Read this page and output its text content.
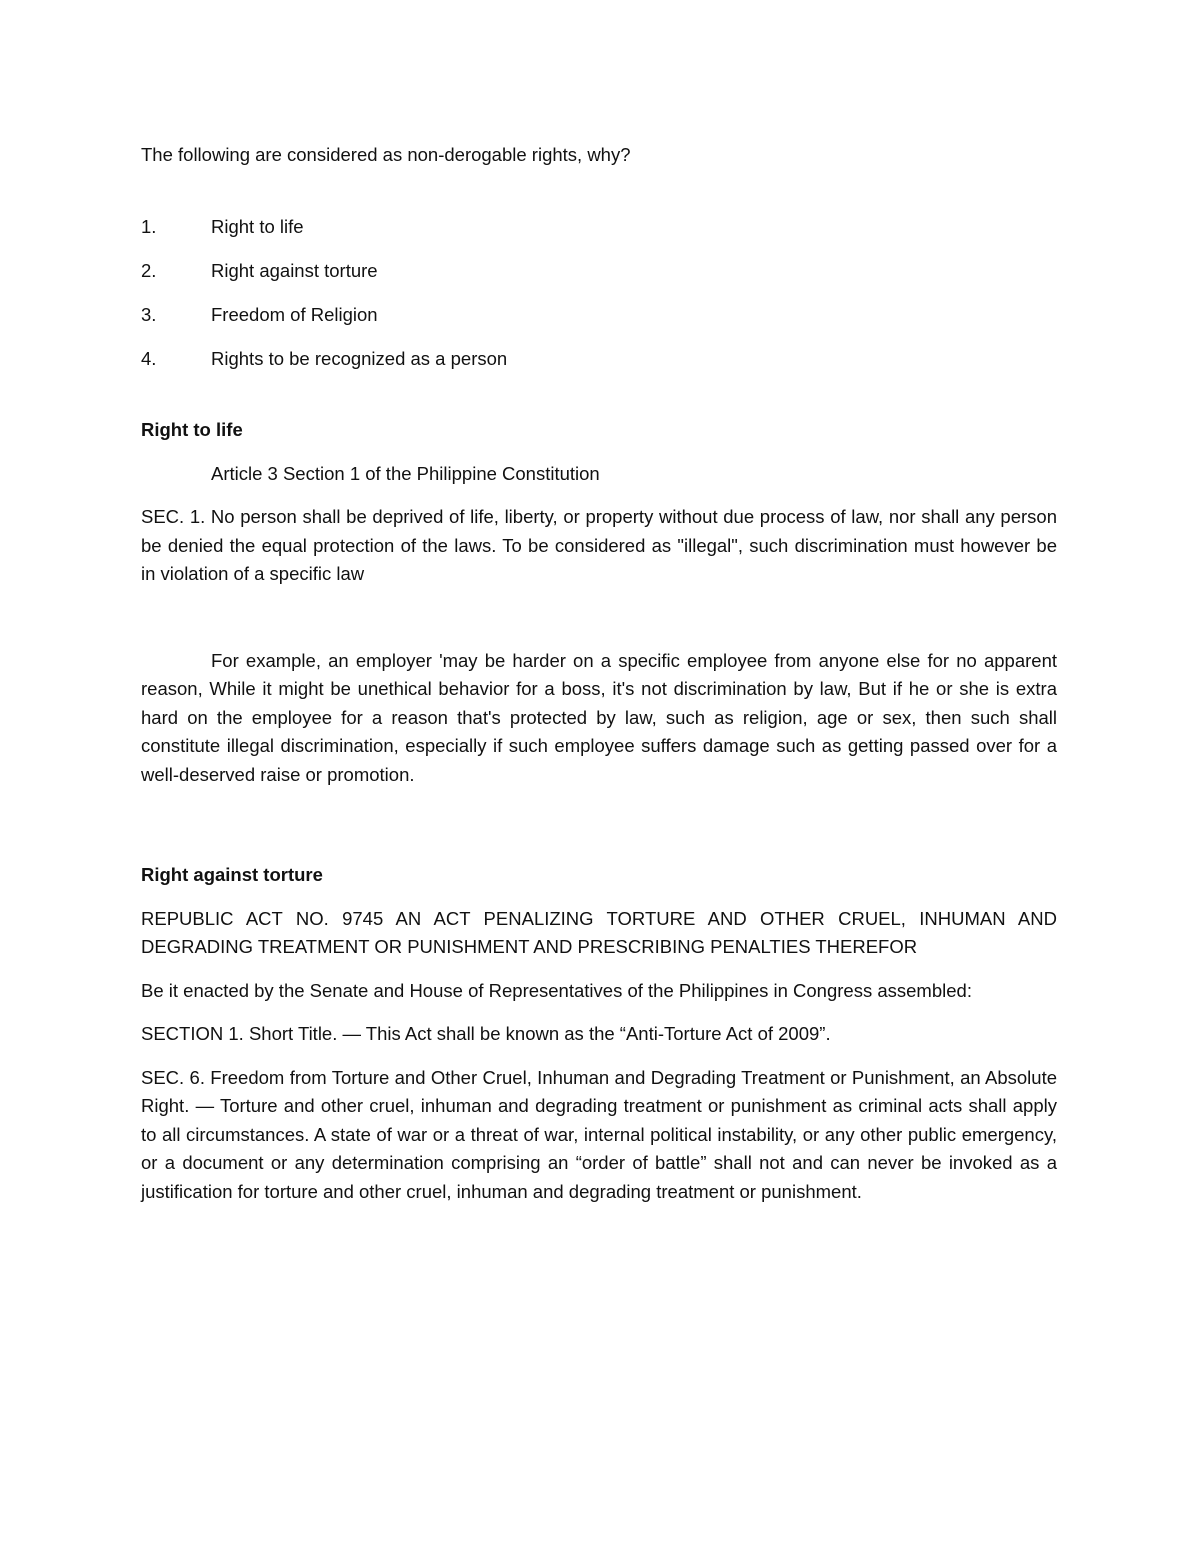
The following are considered as non-derogable rights, why?

1.	Right to life
2.	Right against torture
3.	Freedom of Religion
4.	Rights to be recognized as a person

Right to life

Article 3 Section 1 of the Philippine Constitution

SEC. 1. No person shall be deprived of life, liberty, or property without due process of law, nor shall any person be denied the equal protection of the laws. To be considered as "illegal", such discrimination must however be in violation of a specific law

For example, an employer 'may be harder on a specific employee from anyone else for no apparent reason, While it might be unethical behavior for a boss, it's not discrimination by law, But if he or she is extra hard on the employee for a reason that's protected by law, such as religion, age or sex, then such shall constitute illegal discrimination, especially if such employee suffers damage such as getting passed over for a well-deserved raise or promotion.

Right against torture

REPUBLIC ACT NO. 9745 AN ACT PENALIZING TORTURE AND OTHER CRUEL, INHUMAN AND DEGRADING TREATMENT OR PUNISHMENT AND PRESCRIBING PENALTIES THEREFOR

Be it enacted by the Senate and House of Representatives of the Philippines in Congress assembled:

SECTION 1. Short Title. — This Act shall be known as the “Anti-Torture Act of 2009”.

SEC. 6. Freedom from Torture and Other Cruel, Inhuman and Degrading Treatment or Punishment, an Absolute Right. — Torture and other cruel, inhuman and degrading treatment or punishment as criminal acts shall apply to all circumstances. A state of war or a threat of war, internal political instability, or any other public emergency, or a document or any determination comprising an “order of battle” shall not and can never be invoked as a justification for torture and other cruel, inhuman and degrading treatment or punishment.
